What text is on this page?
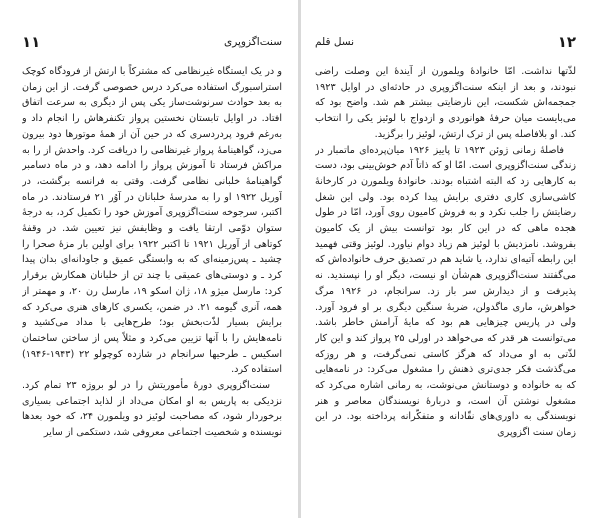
سنت‌اگزوپری
۱۱

و در یک ایستگاه غیرنظامی که مشترکاً با ارتش از فرودگاه کوچک استراسبورگ استفاده می‌کرد درس خصوصی گرفت. از این زمان به بعد حوادث سرنوشت‌ساز یکی پس از دیگری به سرعت اتفاق افتاد. در اوایل تابستان نخستین پرواز تکنفرهاش را انجام داد و به‌رغم فرود پردردسری که در حین آن از همهٔ موتورها دود بیرون می‌زد، گواهینامهٔ پرواز غیرنظامی را دریافت کرد. واحدش از را به مراکش فرستاد تا آموزش پرواز را ادامه دهد، و در ماه دسامبر گواهینامهٔ خلبانی نظامی گرفت. وقتی به فرانسه برگشت، در آوریل ۱۹۲۲ او را به مدرسهٔ خلبانان در آوُر ۲۱ فرستادند. در ماه اکتبر، سرجوخه سنت‌اگزوپری آموزش خود را تکمیل کرد، به درجهٔ ستوان دوّمی ارتقا یافت و وظایفش نیز تعیین شد. در وقفهٔ کوتاهی از آوریل ۱۹۲۱ تا اکتبر ۱۹۲۲ برای اولین بار مزهٔ صحرا را چشید ـ پس‌زمینه‌ای که به وابستگی عمیق و جاودانه‌ای بدان پیدا کرد ـ و دوستی‌های عمیقی با چند تن از خلبانان همکارش برقرار کرد: مارسل میژو ۱۸، ژان اسکو ۱۹، مارسل رن ۲۰، و مهمتر از همه، آنری گیومه ۲۱. در ضمن، یکسری کارهای هنری می‌کرد که برایش بسیار لذّت‌بخش بود؛ طرح‌هایی با مداد می‌کشید و نامه‌هایش را با آنها تزیین می‌کرد و مثلاً پس از ساختن ساختمان اسکیس ـ طرحیها سرانجام در شازده کوچولو ۲۲ (۱۹۴۳-۱۹۴۶) استفاده کرد.

سنت‌اگزوپری دورهٔ مأموریتش را در لو بروژه ۲۳ تمام کرد. نزدیکی به پاریس به او امکان می‌داد از لذاید اجتماعی بسیاری برخوردار شود، که مصاحبت لوئیز دو ویلمورن ۲۴، که خود بعدها نویسنده و شخصیت اجتماعی معروفی شد، دستکمی از سایر

۱۲
نسل قلم

لذّتها نداشت. امّا خانوادهٔ ویلمورن از آیندهٔ این وصلت راضی نبودند، و بعد از اینکه سنت‌اگزوپری در حادثه‌ای در اوایل ۱۹۲۳ جمجمه‌اش شکست، این نارضایتی بیشتر هم شد. واضح بود که می‌بایست میان حرفهٔ هوانوردی و ازدواج با لوئیز یکی را انتخاب کند. او بلافاصله پس از ترک ارتش، لوئیز را برگزید.

فاصلهٔ زمانی ژوئن ۱۹۲۳ تا پاییز ۱۹۲۶ میان‌پرده‌ای ماتمبار در زندگی سنت‌اگزوپری است. امّا او که ذاتاً آدم خوش‌بینی بود، دست به کارهایی زد که البته اشتباه بودند. خانوادهٔ ویلمورن در کارخانهٔ کاشی‌سازی کاری دفتری برایش پیدا کرده بود. ولی این شغل رضایتش را جلب نکرد و به فروش کامیون روی آورد، امّا در طول هجده ماهی که در این کار بود توانست بیش از یک کامیون بفروشد. نامزدیش با لوئیز هم زیاد دوام نیاورد. لوئیز وقتی فهمید این رابطه آتیه‌ای ندارد، یا شاید هم در تصدیق حرف خانواده‌اش که می‌گفتند سنت‌اگزوپری هم‌شأن او نیست، دیگر او را نپسندید. نه پذیرفت و از دیدارش سر باز زد. سرانجام، در ۱۹۲۶ مرگ خواهرش، ماری ماگدولن، ضربهٔ سنگین دیگری بر او فرود آورد. ولی در پاریس چیزهایی هم بود که مایهٔ آرامش خاطر باشد. می‌توانست هر قدر که می‌خواهد در اورلی ۲۵ پرواز کند و این کار لذّتی به او می‌داد که هرگز کاستی نمی‌گرفت، و هر روزکه می‌گذشت فکر جدی‌تری ذهنش را مشغول می‌کرد: در نامه‌هایی که به خانواده و دوستانش می‌نوشت، به رمانی اشاره می‌کرد که مشغول نوشتن آن است، و دربارهٔ نویسندگان معاصر و هنر نویسندگی به داوری‌های نقّادانه و متفکّرانه پرداخته بود. در این زمان سنت اگزوپری
